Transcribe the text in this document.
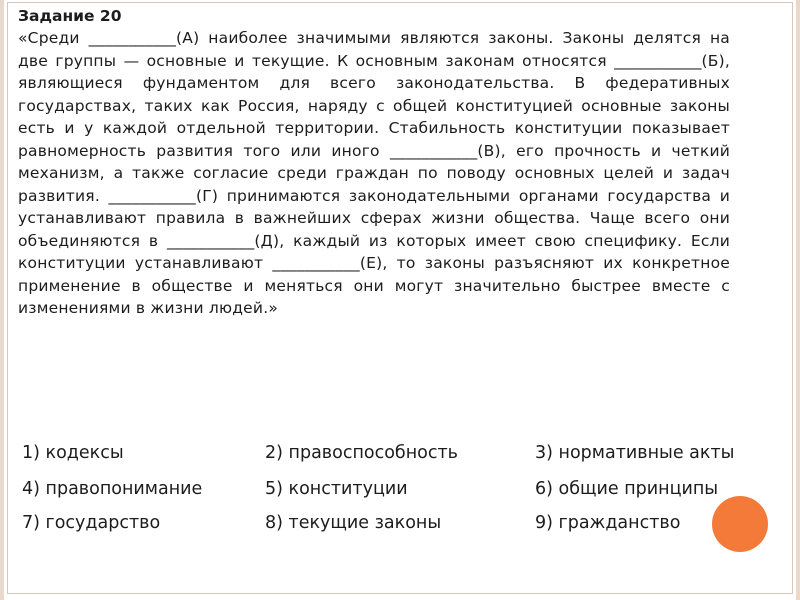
Задание 20

«Среди ___________(А) наиболее значимыми являются законы. Законы делятся на две группы — основные и текущие. К основным законам относятся ___________(Б), являющиеся фундаментом для всего законодательства. В федеративных государствах, таких как Россия, наряду с общей конституцией основные законы есть и у каждой отдельной территории. Стабильность конституции показывает равномерность развития того или иного ___________(В), его прочность и четкий механизм, а также согласие среди граждан по поводу основных целей и задач развития. ___________(Г) принимаются законодательными органами государства и устанавливают правила в важнейших сферах жизни общества. Чаще всего они объединяются в ___________(Д), каждый из которых имеет свою специфику. Если конституции устанавливают ___________(Е), то законы разъясняют их конкретное применение в обществе и меняться они могут значительно быстрее вместе с изменениями в жизни людей.»

1) кодексы	2) правоспособность	3) нормативные акты
4) правопонимание	5) конституции	6) общие принципы
7) государство	8) текущие законы	9) гражданство
